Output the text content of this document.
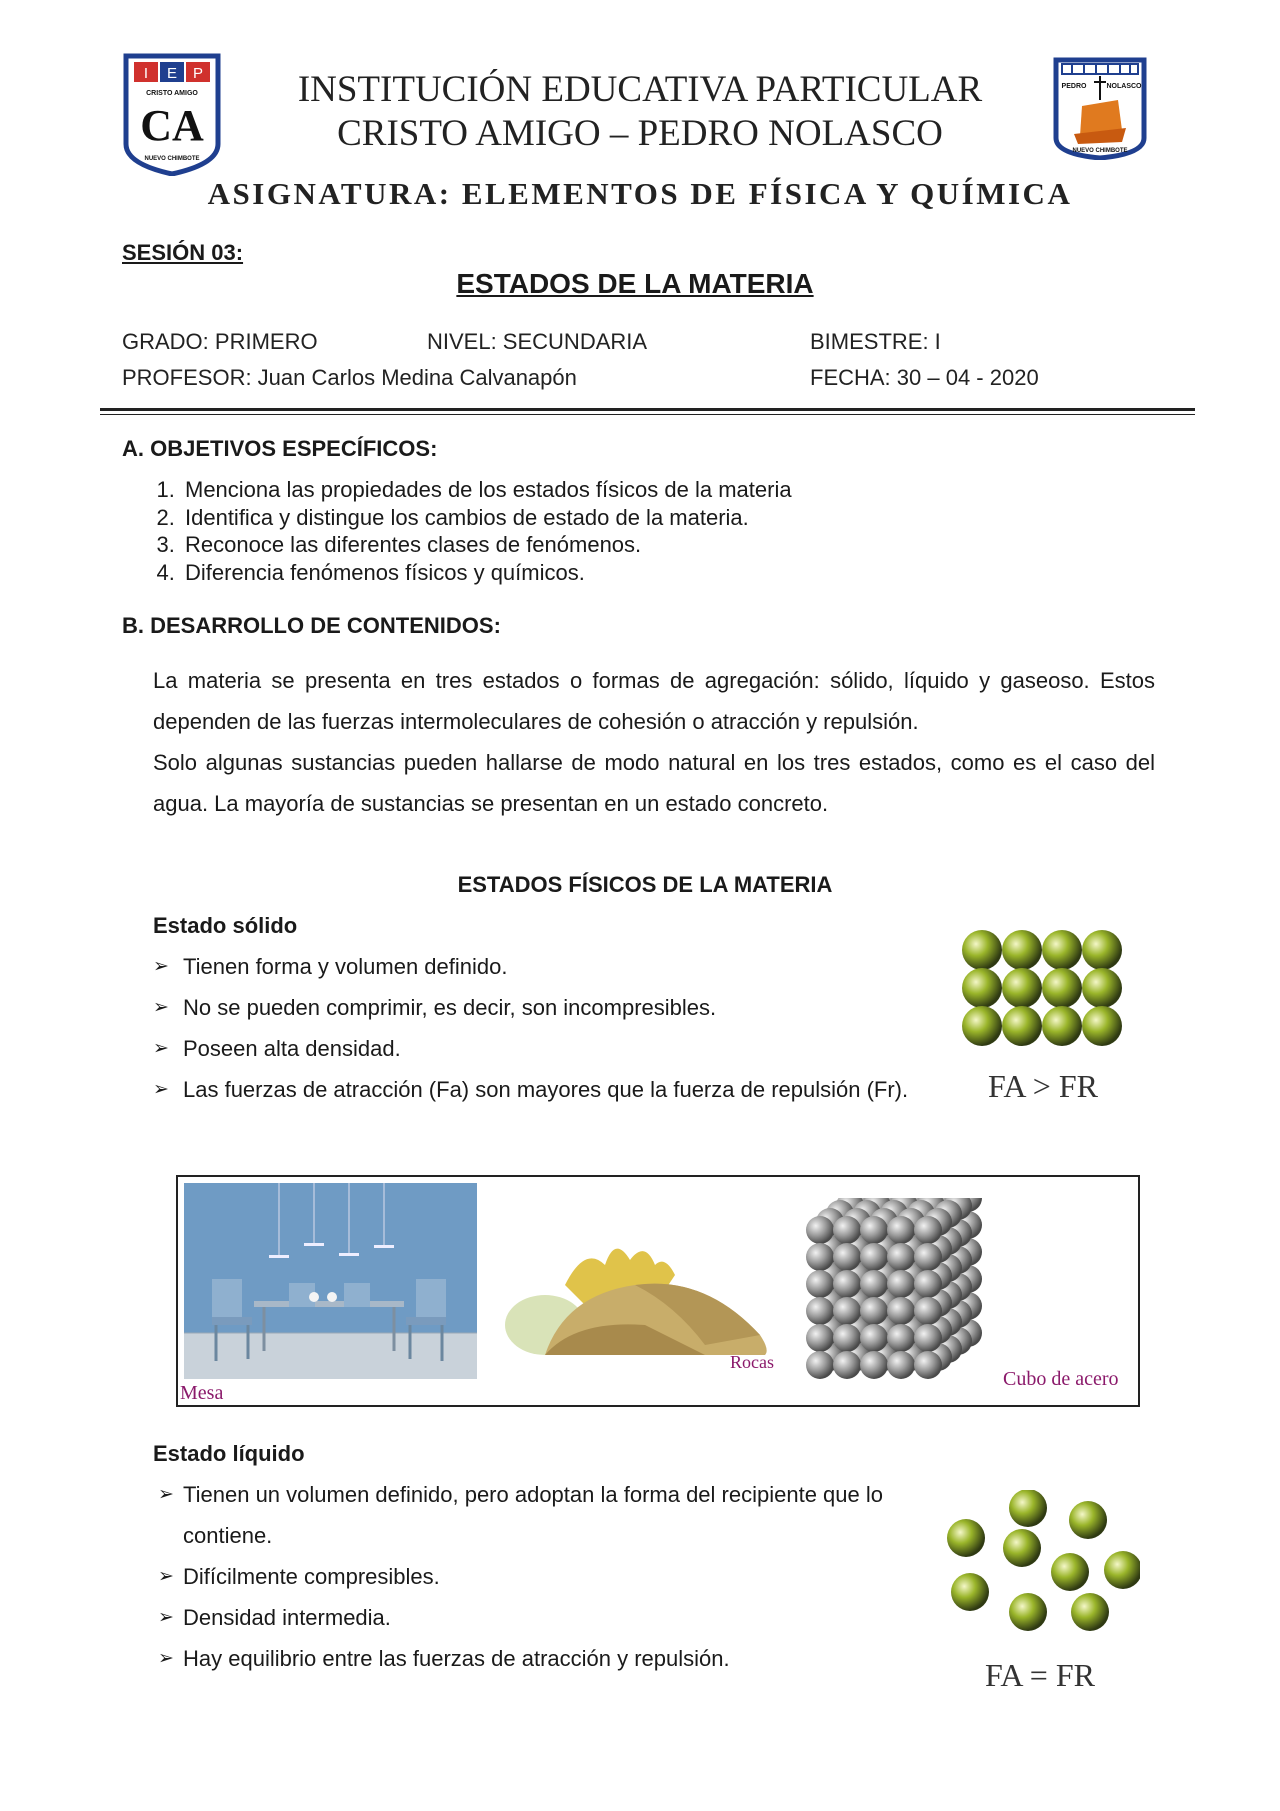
I E P
CRISTO AMIGO
CA
NUEVO CHIMBOTE
INSTITUCIÓN EDUCATIVA PARTICULAR
CRISTO AMIGO – PEDRO NOLASCO
PEDRO	NOLASCO
NUEVO CHIMBOTE
ASIGNATURA: ELEMENTOS DE FÍSICA Y QUÍMICA
SESIÓN 03:
ESTADOS DE LA MATERIA
GRADO: PRIMERO	NIVEL: SECUNDARIA	BIMESTRE: I
PROFESOR: Juan Carlos Medina Calvanapón	FECHA: 30 – 04 - 2020
A. OBJETIVOS ESPECÍFICOS:
1. Menciona las propiedades de los estados físicos de la materia
2. Identifica y distingue los cambios de estado de la materia.
3. Reconoce las diferentes clases de fenómenos.
4. Diferencia fenómenos físicos y químicos.
B. DESARROLLO DE CONTENIDOS:
La materia se presenta en tres estados o formas de agregación: sólido, líquido y gaseoso. Estos dependen de las fuerzas intermoleculares de cohesión o atracción y repulsión.
Solo algunas sustancias pueden hallarse de modo natural en los tres estados, como es el caso del agua. La mayoría de sustancias se presentan en un estado concreto.
ESTADOS FÍSICOS DE LA MATERIA
Estado sólido
➢ Tienen forma y volumen definido.
➢ No se pueden comprimir, es decir, son incompresibles.
➢ Poseen alta densidad.
➢ Las fuerzas de atracción (Fa) son mayores que la fuerza de repulsión (Fr).	FA > FR
Mesa
Rocas
Cubo de acero
Estado líquido
➢ Tienen un volumen definido, pero adoptan la forma del recipiente que lo contiene.
➢ Difícilmente compresibles.
➢ Densidad intermedia.
➢ Hay equilibrio entre las fuerzas de atracción y repulsión.	FA = FR
